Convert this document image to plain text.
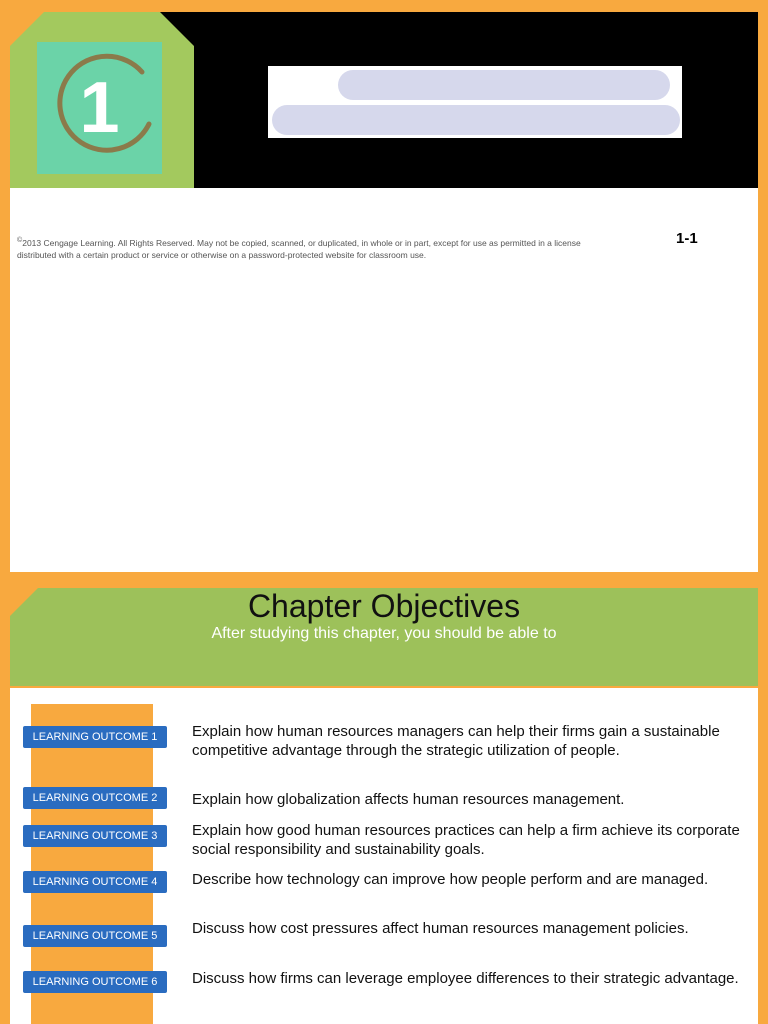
1
©2013 Cengage Learning. All Rights Reserved. May not be copied, scanned, or duplicated, in whole or in part, except for use as permitted in a license distributed with a certain product or service or otherwise on a password-protected website for classroom use.
1-1
Chapter Objectives
After studying this chapter, you should be able to
LEARNING OUTCOME 1	Explain how human resources managers can help their firms gain a sustainable competitive advantage through the strategic utilization of people.
LEARNING OUTCOME 2	Explain how globalization affects human resources management.
LEARNING OUTCOME 3	Explain how good human resources practices can help a firm achieve its corporate social responsibility and sustainability goals.
LEARNING OUTCOME 4	Describe how technology can improve how people perform and are managed.
LEARNING OUTCOME 5	Discuss how cost pressures affect human resources management policies.
LEARNING OUTCOME 6	Discuss how firms can leverage employee differences to their strategic advantage.
